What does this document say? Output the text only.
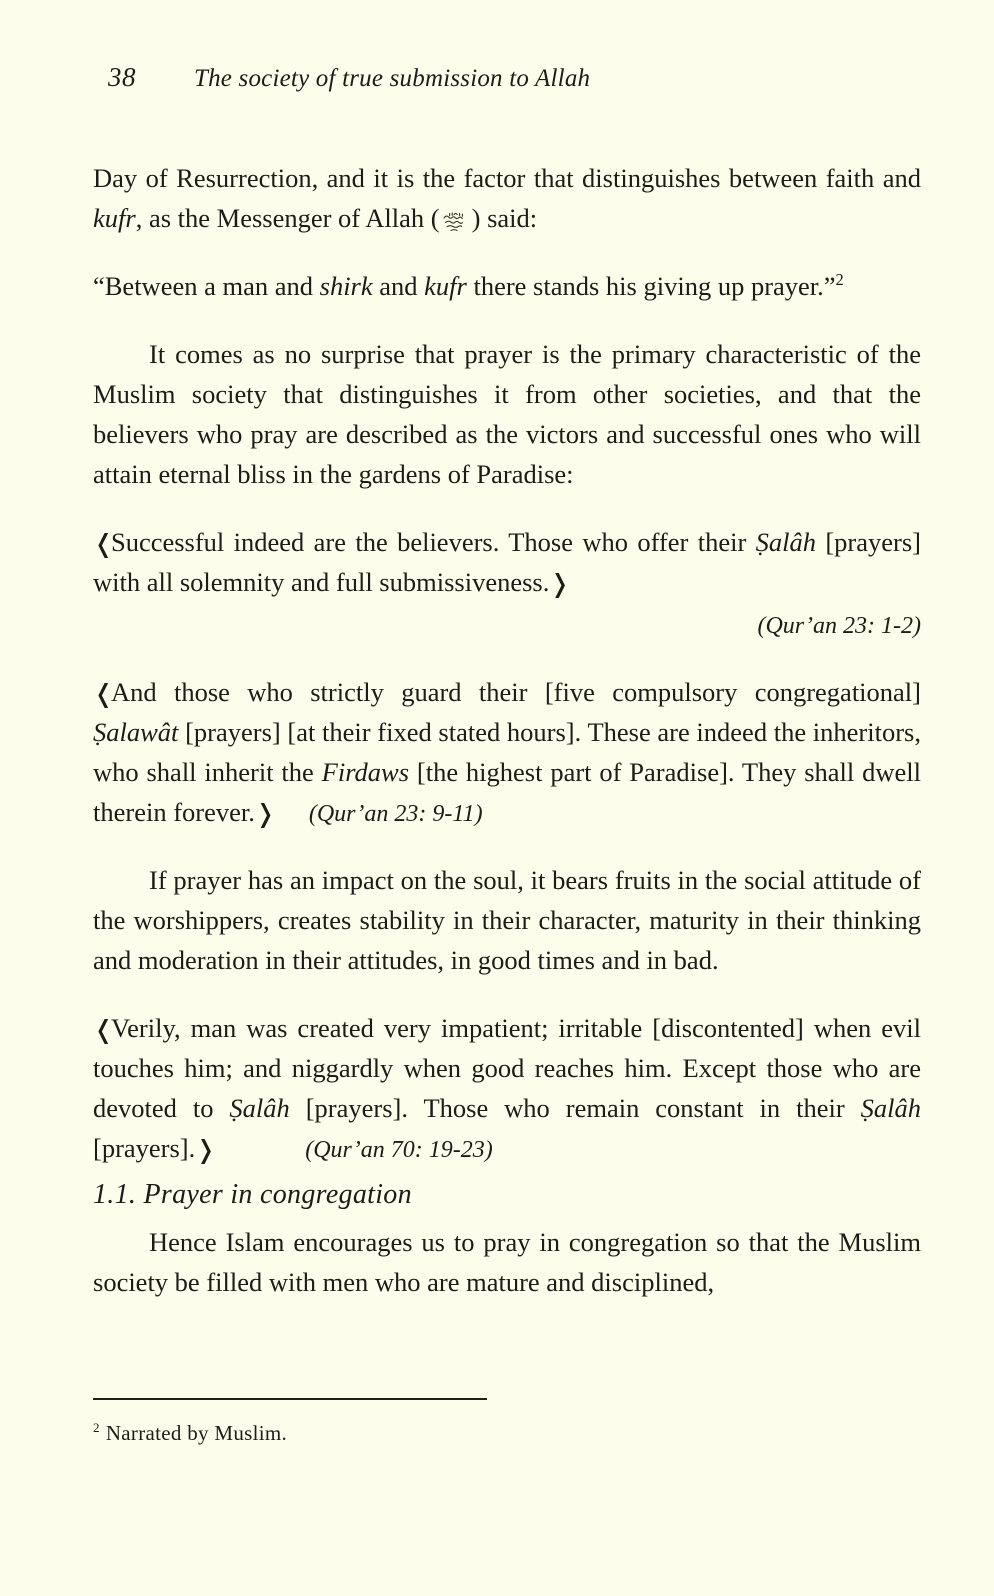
38	The society of true submission to Allah

Day of Resurrection, and it is the factor that distinguishes between faith and kufr, as the Messenger of Allah ( ) said:

“Between a man and shirk and kufr there stands his giving up prayer.”$^2$

It comes as no surprise that prayer is the primary characteristic of the Muslim society that distinguishes it from other societies, and that the believers who pray are described as the victors and successful ones who will attain eternal bliss in the gardens of Paradise:

❬Successful indeed are the believers. Those who offer their Ṣalâh [prayers] with all solemnity and full submissiveness.❭

(Qur’an 23: 1-2)

❬And those who strictly guard their [five compulsory congregational] Ṣalawât [prayers] [at their fixed stated hours]. These are indeed the inheritors, who shall inherit the Firdaws [the highest part of Paradise]. They shall dwell therein forever.❭ (Qur’an 23: 9-11)

If prayer has an impact on the soul, it bears fruits in the social attitude of the worshippers, creates stability in their character, maturity in their thinking and moderation in their attitudes, in good times and in bad.

❬Verily, man was created very impatient; irritable [discontented] when evil touches him; and niggardly when good reaches him. Except those who are devoted to Ṣalâh [prayers]. Those who remain constant in their Ṣalâh [prayers].❭	(Qur’an 70: 19-23)

1.1. Prayer in congregation

Hence Islam encourages us to pray in congregation so that the Muslim society be filled with men who are mature and disciplined,

$^2$ Narrated by Muslim.
